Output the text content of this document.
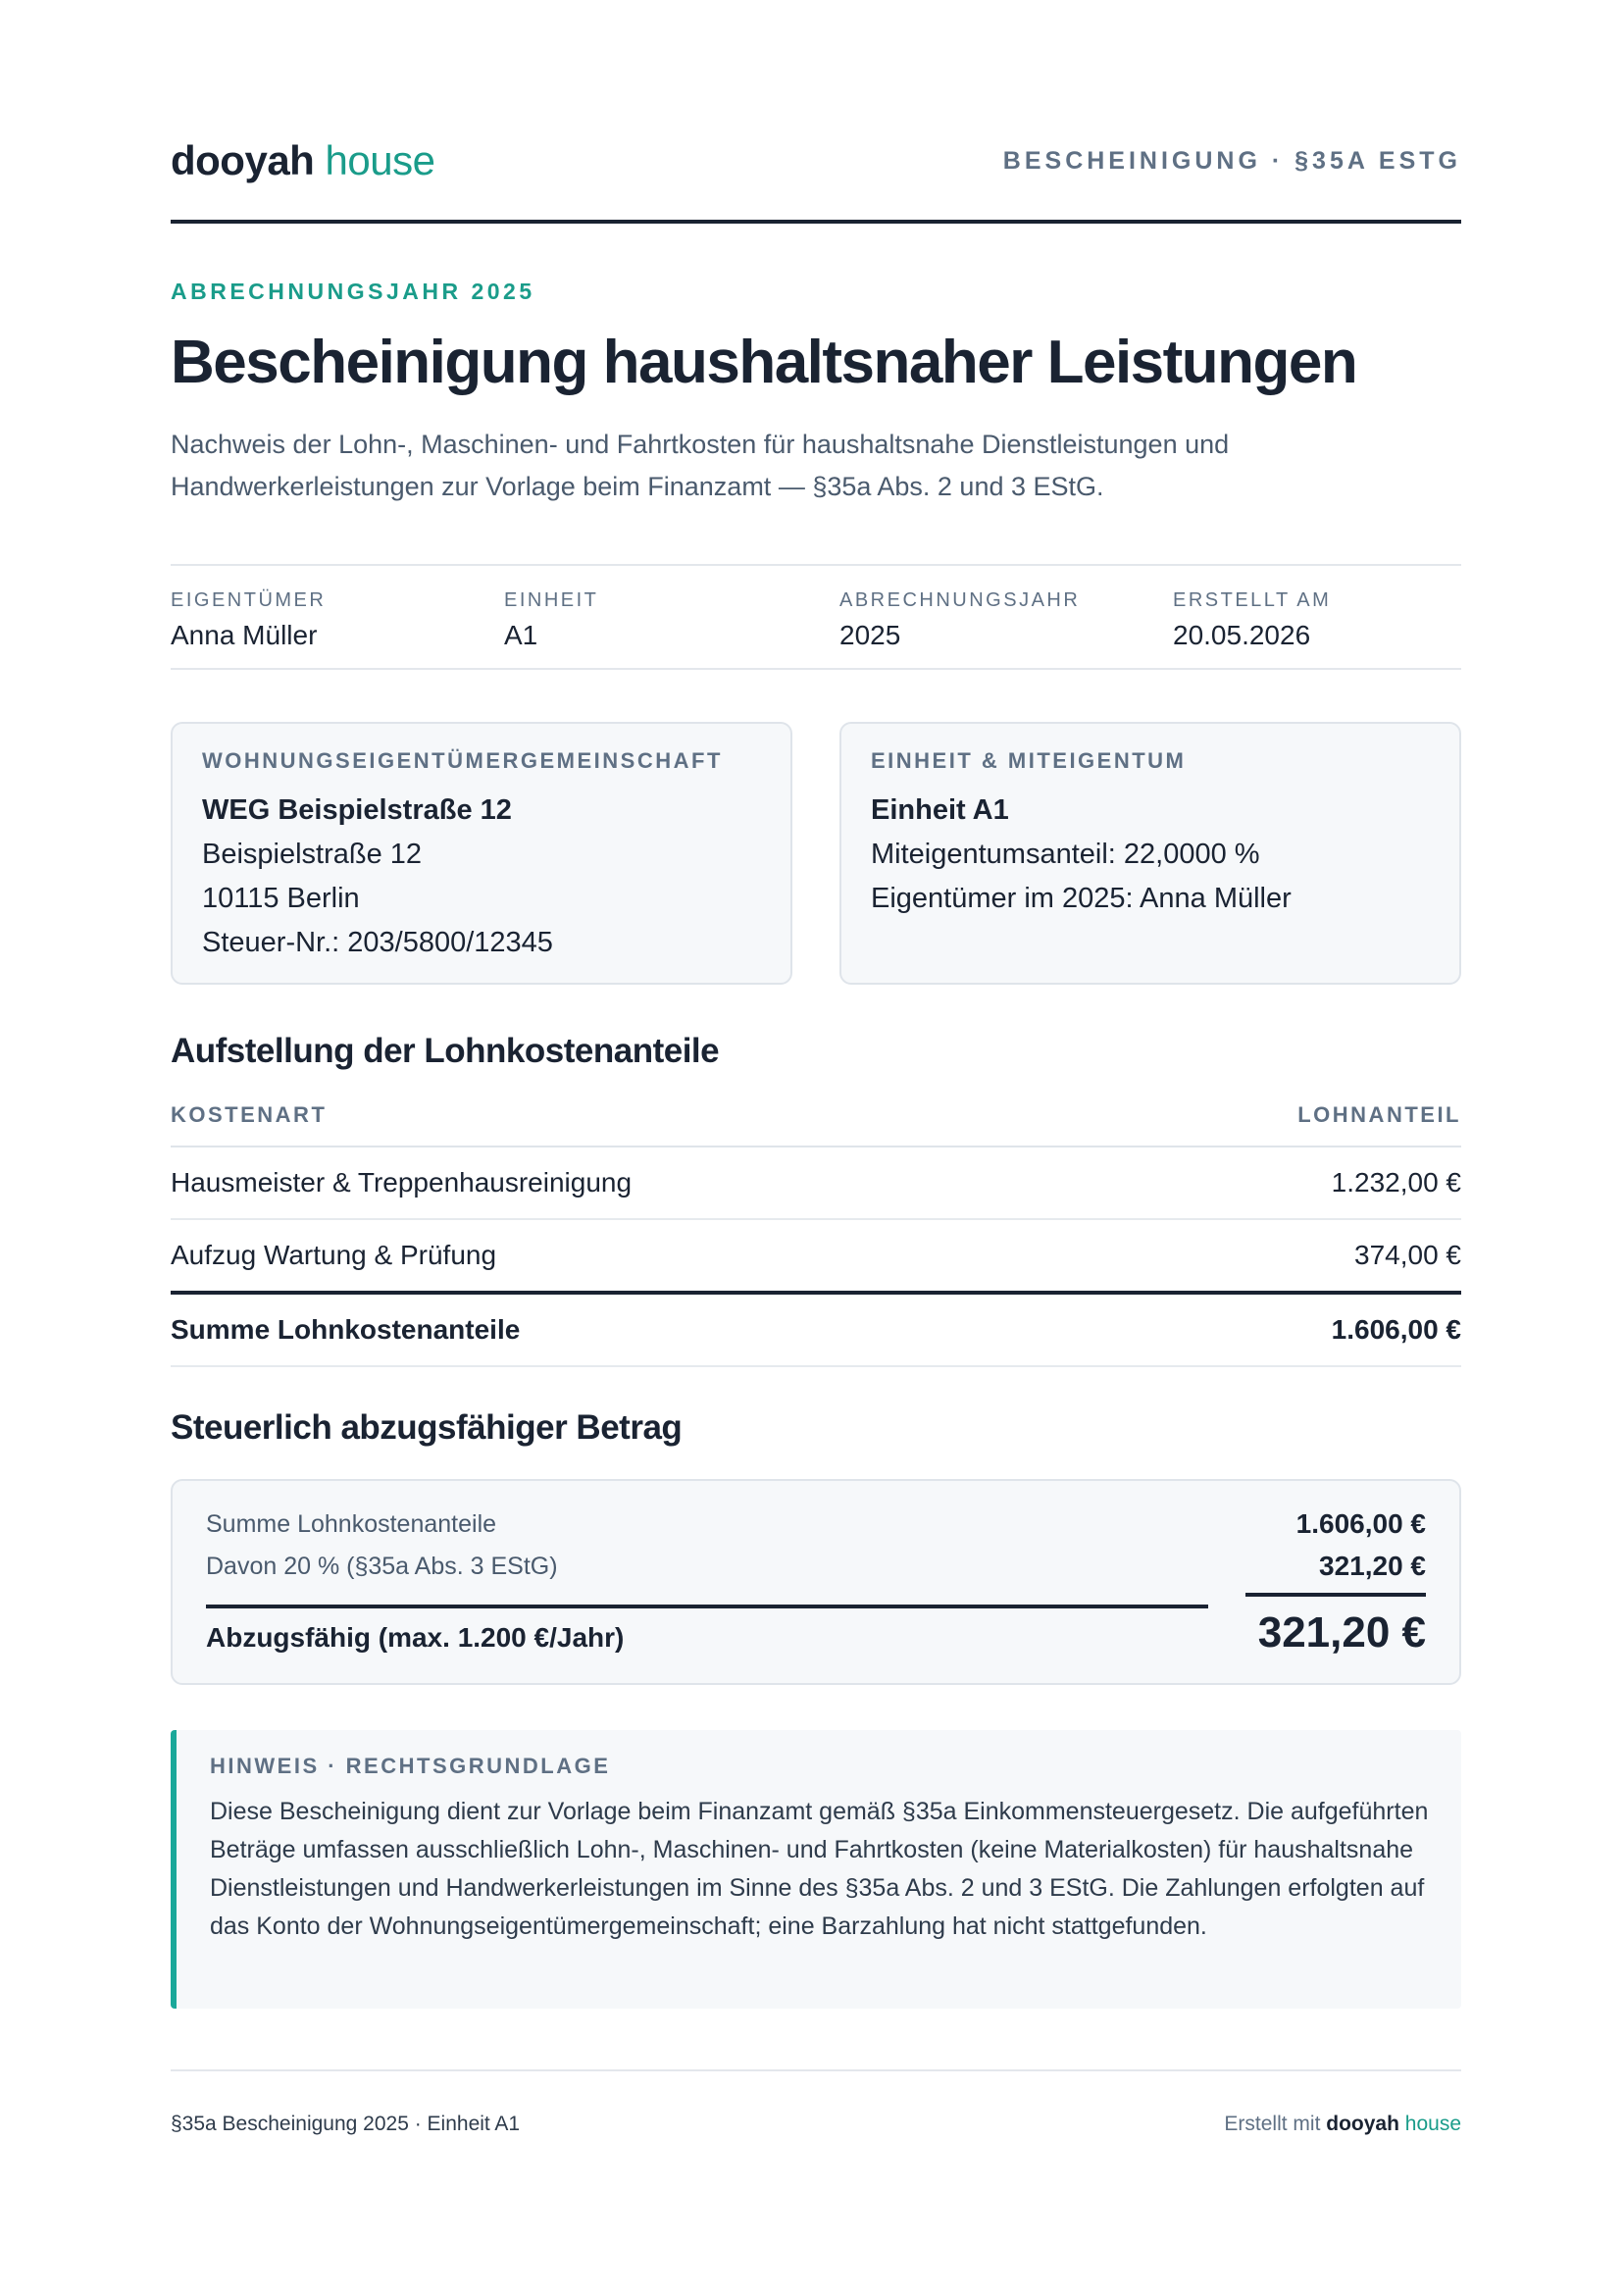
dooyah house	BESCHEINIGUNG · §35A ESTG
ABRECHNUNGSJAHR 2025
Bescheinigung haushaltsnaher Leistungen

Nachweis der Lohn-, Maschinen- und Fahrtkosten für haushaltsnahe Dienstleistungen und Handwerkerleistungen zur Vorlage beim Finanzamt — §35a Abs. 2 und 3 EStG.

EIGENTÜMER
Anna Müller
EINHEIT
A1
ABRECHNUNGSJAHR
2025
ERSTELLT AM
20.05.2026
WOHNUNGSEIGENTÜMERGEMEINSCHAFT
WEG Beispielstraße 12
Beispielstraße 12
10115 Berlin
Steuer-Nr.: 203/5800/12345
EINHEIT & MITEIGENTUM
Einheit A1
Miteigentumsanteil: 22,0000 %
Eigentümer im 2025: Anna Müller
Aufstellung der Lohnkostenanteile
KOSTENART	LOHNANTEIL
Hausmeister & Treppenhausreinigung	1.232,00 €
Aufzug Wartung & Prüfung	374,00 €
Summe Lohnkostenanteile	1.606,00 €
Steuerlich abzugsfähiger Betrag
Summe Lohnkostenanteile	1.606,00 €
Davon 20 % (§35a Abs. 3 EStG)	321,20 €
Abzugsfähig (max. 1.200 €/Jahr)	321,20 €
HINWEIS · RECHTSGRUNDLAGE

Diese Bescheinigung dient zur Vorlage beim Finanzamt gemäß §35a Einkommensteuergesetz. Die aufgeführten Beträge umfassen ausschließlich Lohn-, Maschinen- und Fahrtkosten (keine Materialkosten) für haushaltsnahe Dienstleistungen und Handwerkerleistungen im Sinne des §35a Abs. 2 und 3 EStG. Die Zahlungen erfolgten auf das Konto der Wohnungseigentümergemeinschaft; eine Barzahlung hat nicht stattgefunden.

§35a Bescheinigung 2025 · Einheit A1	Erstellt mit dooyah house
